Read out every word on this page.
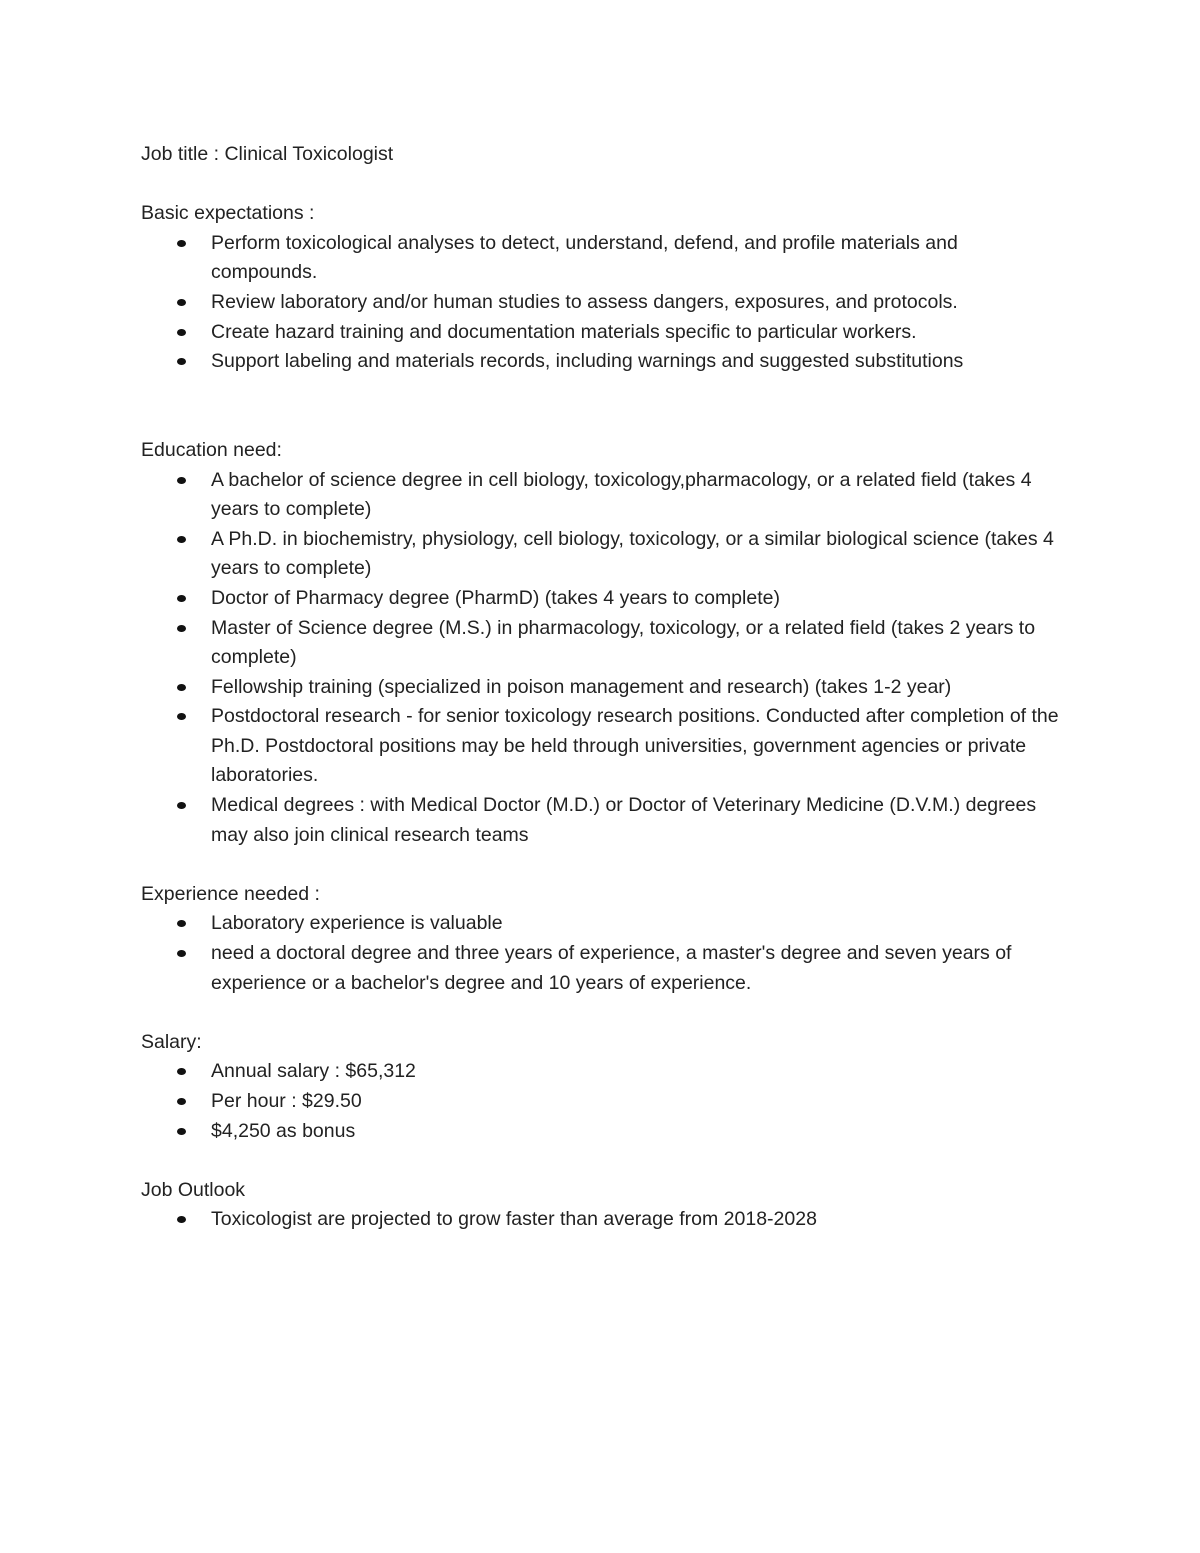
Job title : Clinical Toxicologist

Basic expectations :

Perform toxicological analyses to detect, understand, defend, and profile materials and compounds.
Review laboratory and/or human studies to assess dangers, exposures, and protocols.
Create hazard training and documentation materials specific to particular workers.
Support labeling and materials records, including warnings and suggested substitutions

Education need:

A bachelor of science degree in cell biology, toxicology,pharmacology, or a related field (takes 4 years to complete)
A Ph.D. in biochemistry, physiology, cell biology, toxicology, or a similar biological science (takes 4 years to complete)
Doctor of Pharmacy degree (PharmD) (takes 4 years to complete)
Master of Science degree (M.S.) in pharmacology, toxicology, or a related field (takes 2 years to complete)
Fellowship training (specialized in poison management and research) (takes 1-2 year)
Postdoctoral research - for senior toxicology research positions. Conducted after completion of the Ph.D. Postdoctoral positions may be held through universities, government agencies or private laboratories.
Medical degrees : with Medical Doctor (M.D.) or Doctor of Veterinary Medicine (D.V.M.) degrees may also join clinical research teams

Experience needed :

Laboratory experience is valuable
need a doctoral degree and three years of experience, a master's degree and seven years of experience or a bachelor's degree and 10 years of experience.

Salary:

Annual salary : $65,312
Per hour : $29.50
$4,250 as bonus

Job Outlook

Toxicologist are projected to grow faster than average from 2018-2028
